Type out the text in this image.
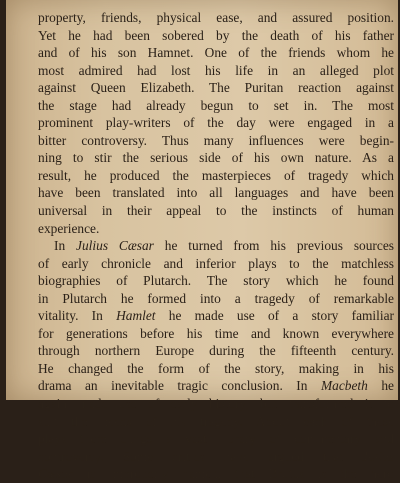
property, friends, physical ease, and assured position.
Yet he had been sobered by the death of his father
and of his son Hamnet. One of the friends whom he
most admired had lost his life in an alleged plot
against Queen Elizabeth. The Puritan reaction against
the stage had already begun to set in. The most
prominent play-writers of the day were engaged in a
bitter controversy. Thus many influences were begin-
ning to stir the serious side of his own nature. As a
result, he produced the masterpieces of tragedy which
have been translated into all languages and have been
universal in their appeal to the instincts of human
experience.
In Julius Cæsar he turned from his previous sources
of early chronicle and inferior plays to the matchless
biographies of Plutarch. The story which he found
in Plutarch he formed into a tragedy of remarkable
vitality. In Hamlet he made use of a story familiar
for generations before his time and known everywhere
through northern Europe during the fifteenth century.
He changed the form of the story, making in his
drama an inevitable tragic conclusion. In Macbeth he
again made use of early history, but transformed it to
suit the needs of his tragedy. About each of these
plays there clings a vast library of commentary and
controversy. Some critics have argued that Julius
Cæsar is improperly named, that Brutus is the hero
